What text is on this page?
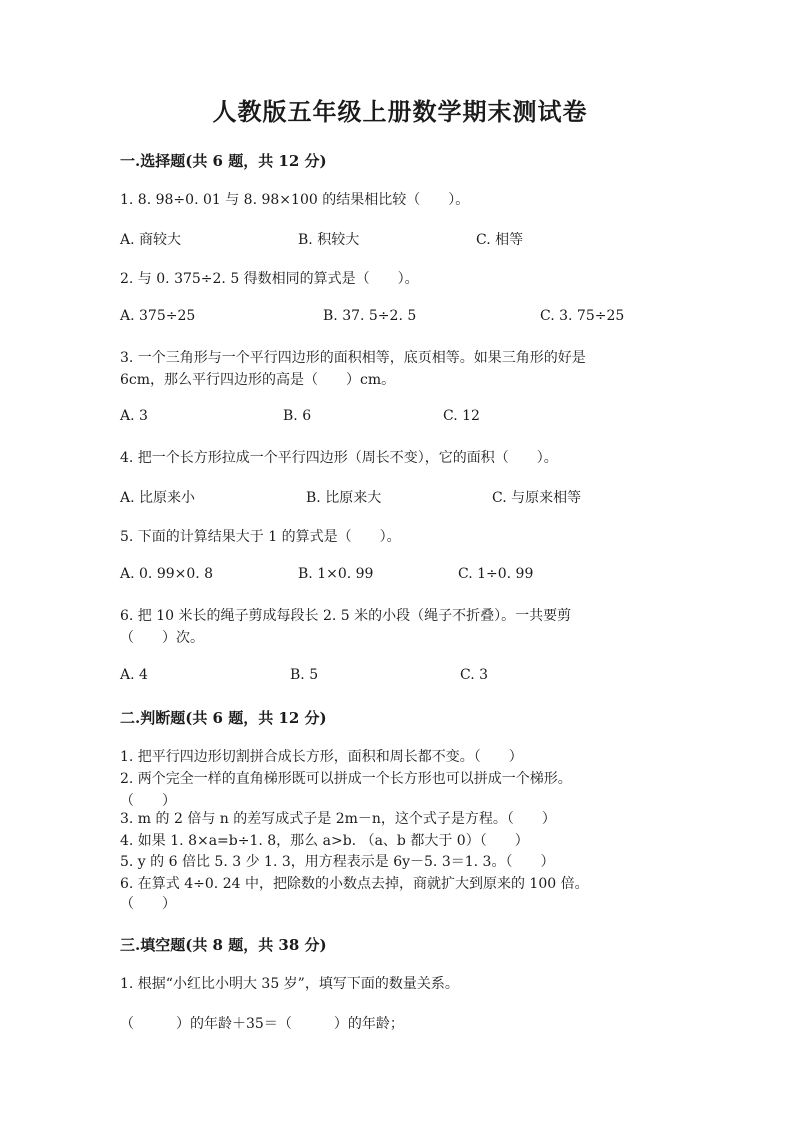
人教版五年级上册数学期末测试卷
一.选择题(共 6 题，共 12 分)
1. 8. 98÷0. 01 与 8. 98×100 的结果相比较（　　）。
A. 商较大	B. 积较大	C. 相等
2. 与 0. 375÷2. 5 得数相同的算式是（　　）。
A. 375÷25	B. 37. 5÷2. 5	C. 3. 75÷25
3. 一个三角形与一个平行四边形的面积相等，底页相等。如果三角形的好是
6cm，那么平行四边形的高是（　　）cm。
A. 3	B. 6	C. 12
4. 把一个长方形拉成一个平行四边形（周长不变），它的面积（　　）。
A. 比原来小	B. 比原来大	C. 与原来相等
5. 下面的计算结果大于 1 的算式是（　　）。
A. 0. 99×0. 8	B. 1×0. 99	C. 1÷0. 99
6. 把 10 米长的绳子剪成每段长 2. 5 米的小段（绳子不折叠）。一共要剪
（　　）次。
A. 4	B. 5	C. 3
二.判断题(共 6 题，共 12 分)
1. 把平行四边形切割拼合成长方形，面积和周长都不变。（　　）
2. 两个完全一样的直角梯形既可以拼成一个长方形也可以拼成一个梯形。
（　　）
3. m 的 2 倍与 n 的差写成式子是 2m－n，这个式子是方程。（　　）
4. 如果 1. 8×a=b÷1. 8，那么 a>b. （a、b 都大于 0）（　　）
5. y 的 6 倍比 5. 3 少 1. 3，用方程表示是 6y－5. 3＝1. 3。（　　）
6. 在算式 4÷0. 24 中，把除数的小数点去掉，商就扩大到原来的 100 倍。
（　　）
三.填空题(共 8 题，共 38 分)
1. 根据“小红比小明大 35 岁”，填写下面的数量关系。
（　　　）的年龄＋35＝（　　　）的年龄；
